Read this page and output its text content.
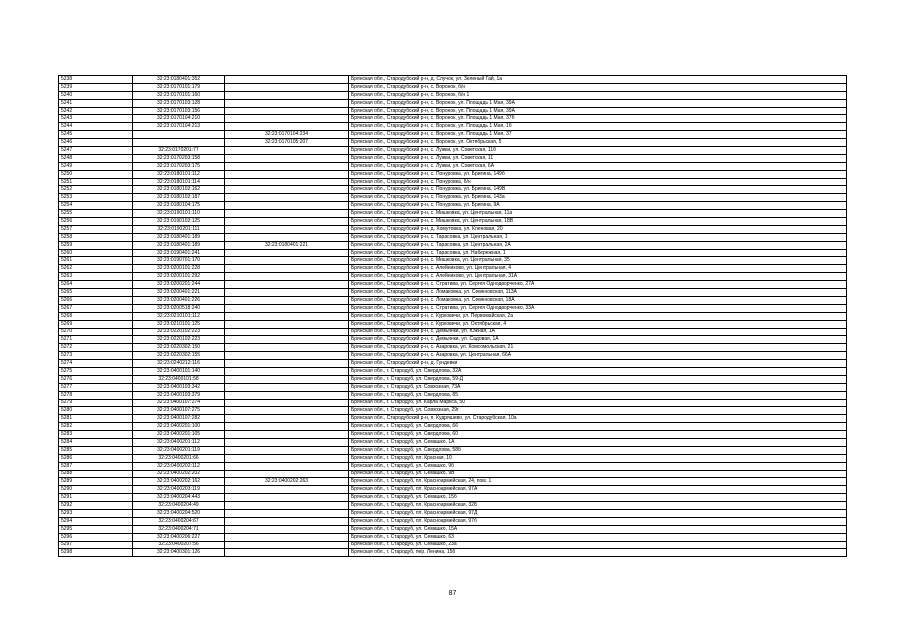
5238	32:23:0180401:352		Брянская обл., Стародубский р-н, д. Случок, ул. Зеленый Гай, 1а
5239	32:23:0170101:179		Брянская обл., Стародубский р-н, с. Воронок, б/н
5240	32:23:0170101:160		Брянская обл., Стародубский р-н, с. Воронок, б/н 1
5241	32:23:0170103:128		Брянская обл., Стародубский р-н, с. Воронок, ул. Площадь 1 Мая, 39А
5242	32:23:0170103:156		Брянская обл., Стародубский р-н, с. Воронок, ул. Площадь 1 Мая, 39А
5243	32:23:0170104:210		Брянская обл., Стародубский р-н, с. Воронок, ул. Площадь 1 Мая, 37б
5244	32:23:0170104:213		Брянская обл., Стародубский р-н, с. Воронок, ул. Площадь 1 Мая, 1б
5245		32:23:0170104:234	Брянская обл., Стародубский р-н, с. Воронок, ул. Площадь 1 Мая, 37
5246		32:23:0170105:207	Брянская обл., Стародубский р-н, с. Воронок, ул. Октябрьская, 5
5247	32:23:0170201:77		Брянская обл., Стародубский р-н, с. Лужки, ул. Советская, 11б
5248	32:23:0170203:158		Брянская обл., Стародубский р-н, с. Лужки, ул. Советская, 11
5249	32:23:0170203:175		Брянская обл., Стародубский р-н, с. Лужки, ул. Советская, 6А
5250	32:23:0180101:112		Брянская обл., Стародубский р-н, с. Понуровка, ул. Бригина, 149б
5251	32:23:0180101:114		Брянская обл., Стародубский р-н, с. Понуровка, б/н
5252	32:23:0180102:162		Брянская обл., Стародубский р-н, с. Понуровка, ул. Бригина, 149В
5253	32:23:0180102:187		Брянская обл., Стародубский р-н, с. Понуровка, ул. Бригина, 143а
5254	32:23:0180104:175		Брянская обл., Стародубский р-н, с. Понуровка, ул. Бригина, 9А
5255	32:23:0190101:110		Брянская обл., Стародубский р-н, с. Мишковка, ул. Центральная, 11а
5256	32:23:0190102:125		Брянская обл., Стародубский р-н, с. Мишковка, ул. Центральная, 18В
5257	32:23:0190201:111		Брянская обл., Стародубский р-н, д. Хомутовка, ул. Кленовая, 20
5258	32:23:0180401:189		Брянская обл., Стародубский р-н, с. Тарасовка, ул. Центральная, 1
5259	32:23:0180401:189	32:23:0180401:221	Брянская обл., Стародубский р-н, с. Тарасовка, ул. Центральная, 2А
5260	32:23:0190401:241		Брянская обл., Стародубский р-н, с. Тарасовка, ул. Набережная, 1
5261	32:23:0190701:170		Брянская обл., Стародубский р-н, с. Мишковка, ул. Центральная, 35
5262	32:23:0200101:228		Брянская обл., Стародубский р-н, с. Алейниково, ул. Центральная, 4
5263	32:23:0200101:292		Брянская обл., Стародубский р-н, с. Алейниково, ул. Центральная, 31А
5264	32:23:0200201:244		Брянская обл., Стародубский р-н, с. Стратива, ул. Сергея Однодворченко, 27А
5265	32:23:0200401:221		Брянская обл., Стародубский р-н, с. Ломаковка, ул. Семеновская, 113А
5266	32:23:0200401:226		Брянская обл., Стародубский р-н, с. Ломаковка, ул. Семеновская, 18А
5267	32:23:0200518:240		Брянская обл., Стародубский р-н, с. Стратива, ул. Сергея Однодворченко, 33А
5268	32:23:0210101:112		Брянская обл., Стародубский р-н, с. Курковичи, ул. Первомайская, 2а
5269	32:23:0210101:125		Брянская обл., Стародубский р-н, с. Курковичи, ул. Октябрьская, 4
5270	32:23:0220102:223		Брянская обл., Стародубский р-н, с. Демьянки, ул. Южная, 1А
5271	32:23:0220102:223		Брянская обл., Стародубский р-н, с. Демьянки, ул. Садовая, 1А
5272	32:23:0220302:150		Брянская обл., Стародубский р-н, с. Азаровка, ул. Комсомольская, 21
5273	32:23:0220302:155		Брянская обл., Стародубский р-н, с. Азаровка, ул. Центральная, 66А
5274	32:23:0240212:116		Брянская обл., Стародубский р-н, д. Гундевки
5275	32:23:0400101:140		Брянская обл., г. Стародуб, ул. Свердлова, 32А
5276	32:23:0400101:58		Брянская обл., г. Стародуб, ул. Свердлова, 59-Д
5277	32:23:0400103:342		Брянская обл., г. Стародуб, ул. Совхозная, 73А
5278	32:23:0400103:379		Брянская обл., г. Стародуб, ул. Свердлова, 85
5279	32:23:0400107:274		Брянская обл., г. Стародуб, ул. Карла Маркса, 50
5280	32:23:0400107:275		Брянская обл., г. Стародуб, ул. Совхозная, 29г
5281	32:23:0400107:282		Брянская обл., Стародубский р-н, п. Кудряшево, ул. Стародубская, 10а
5282	32:23:0400201:100		Брянская обл., г. Стародуб, ул. Свердлова, 66
5283	32:23:0400201:105		Брянская обл., г. Стародуб, ул. Свердлова, 60
5284	32:23:0400201:112		Брянская обл., г. Стародуб, ул. Семашко, 1А
5285	32:23:0400201:119		Брянская обл., г. Стародуб, ул. Свердлова, 58б
5286	32:23:0400201:66		Брянская обл., г. Стародуб, пл. Красная, 10
5287	32:23:0400202:112		Брянская обл., г. Стародуб, ул. Семашко, 9б
5288	32:23:0400202:202		Брянская обл., г. Стародуб, ул. Семашко, 9В
5289	32:23:0400202:162	32:23:0400202:263	Брянская обл., г. Стародуб, пл. Красноармейская, 24, пом. 1
5290	32:23:0400203:119		Брянская обл., г. Стародуб, пл. Красноармейская, 97А
5291	32:23:0400204:443		Брянская обл., г. Стародуб, ул. Семашко, 15б
5292	32:23:0400204:49		Брянская обл., г. Стародуб, пл. Красноармейская, 328
5293	32:23:0400204:520		Брянская обл., г. Стародуб, пл. Красноармейская, 97Д
5294	32:23:0400204:67		Брянская обл., г. Стародуб, пл. Красноармейская, 97б
5295	32:23:0400204:71		Брянская обл., г. Стародуб, ул. Семашко, 15А
5296	32:23:0400206:227		Брянская обл., г. Стародуб, ул. Семашко, 63
5297	32:23:0400207:56		Брянская обл., г. Стародуб, ул. Семашко, 23а
5298	32:23:0400301:126		Брянская обл., г. Стародуб, пер. Ленина, 15б
87
